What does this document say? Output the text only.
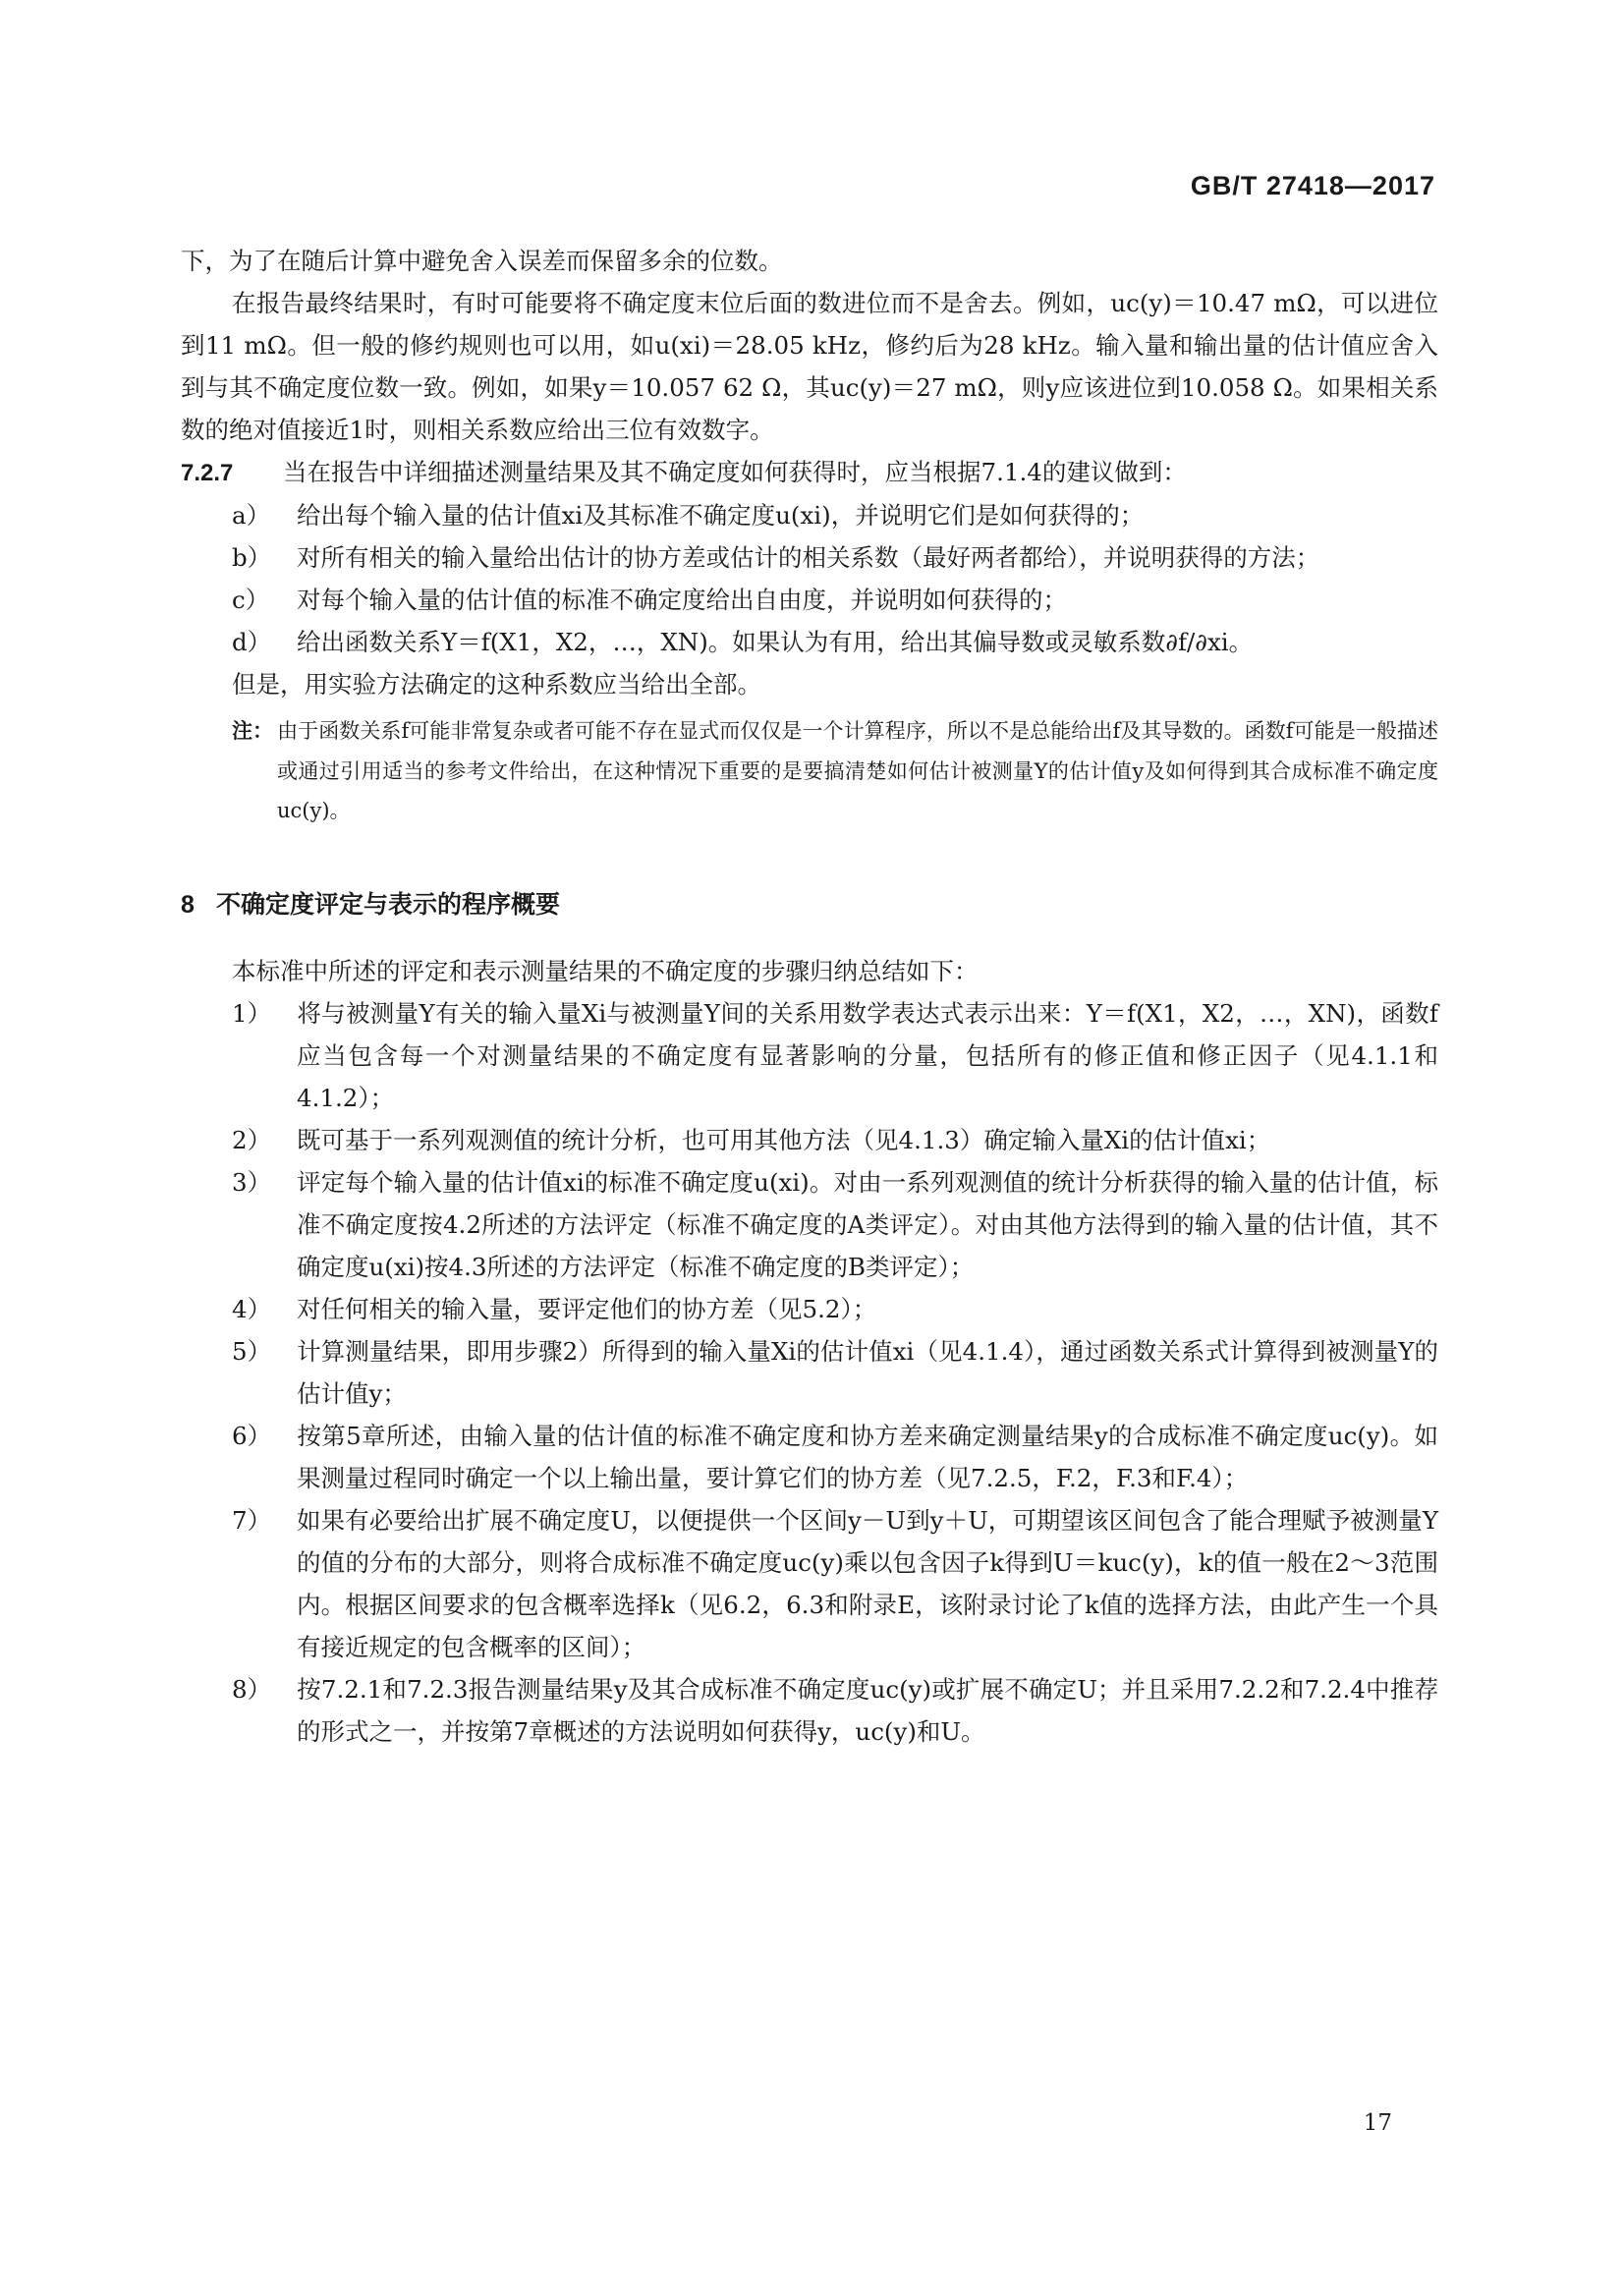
GB/T 27418—2017

下，为了在随后计算中避免舍入误差而保留多余的位数。

在报告最终结果时，有时可能要将不确定度末位后面的数进位而不是舍去。例如，uc(y)＝10.47 mΩ，可以进位到11 mΩ。但一般的修约规则也可以用，如u(xi)＝28.05 kHz，修约后为28 kHz。输入量和输出量的估计值应舍入到与其不确定度位数一致。例如，如果y＝10.057 62 Ω，其uc(y)＝27 mΩ，则y应该进位到10.058 Ω。如果相关系数的绝对值接近1时，则相关系数应给出三位有效数字。

7.2.7 当在报告中详细描述测量结果及其不确定度如何获得时，应当根据7.1.4的建议做到：

a） 给出每个输入量的估计值xi及其标准不确定度u(xi)，并说明它们是如何获得的；

b） 对所有相关的输入量给出估计的协方差或估计的相关系数（最好两者都给），并说明获得的方法；

c） 对每个输入量的估计值的标准不确定度给出自由度，并说明如何获得的；

d） 给出函数关系Y＝f(X1，X2，…，XN)。如果认为有用，给出其偏导数或灵敏系数∂f/∂xi。

但是，用实验方法确定的这种系数应当给出全部。

注： 由于函数关系f可能非常复杂或者可能不存在显式而仅仅是一个计算程序，所以不是总能给出f及其导数的。函数f可能是一般描述或通过引用适当的参考文件给出，在这种情况下重要的是要搞清楚如何估计被测量Y的估计值y及如何得到其合成标准不确定度uc(y)。

8 不确定度评定与表示的程序概要

本标准中所述的评定和表示测量结果的不确定度的步骤归纳总结如下：

1） 将与被测量Y有关的输入量Xi与被测量Y间的关系用数学表达式表示出来：Y＝f(X1，X2，…，XN)，函数f应当包含每一个对测量结果的不确定度有显著影响的分量，包括所有的修正值和修正因子（见4.1.1和4.1.2）；

2） 既可基于一系列观测值的统计分析，也可用其他方法（见4.1.3）确定输入量Xi的估计值xi；

3） 评定每个输入量的估计值xi的标准不确定度u(xi)。对由一系列观测值的统计分析获得的输入量的估计值，标准不确定度按4.2所述的方法评定（标准不确定度的A类评定）。对由其他方法得到的输入量的估计值，其不确定度u(xi)按4.3所述的方法评定（标准不确定度的B类评定）；

4） 对任何相关的输入量，要评定他们的协方差（见5.2）；

5） 计算测量结果，即用步骤2）所得到的输入量Xi的估计值xi（见4.1.4），通过函数关系式计算得到被测量Y的估计值y；

6） 按第5章所述，由输入量的估计值的标准不确定度和协方差来确定测量结果y的合成标准不确定度uc(y)。如果测量过程同时确定一个以上输出量，要计算它们的协方差（见7.2.5，F.2，F.3和F.4）；

7） 如果有必要给出扩展不确定度U，以便提供一个区间y－U到y＋U，可期望该区间包含了能合理赋予被测量Y的值的分布的大部分，则将合成标准不确定度uc(y)乘以包含因子k得到U＝kuc(y)，k的值一般在2～3范围内。根据区间要求的包含概率选择k（见6.2，6.3和附录E，该附录讨论了k值的选择方法，由此产生一个具有接近规定的包含概率的区间）；

8） 按7.2.1和7.2.3报告测量结果y及其合成标准不确定度uc(y)或扩展不确定U；并且采用7.2.2和7.2.4中推荐的形式之一，并按第7章概述的方法说明如何获得y，uc(y)和U。

17
